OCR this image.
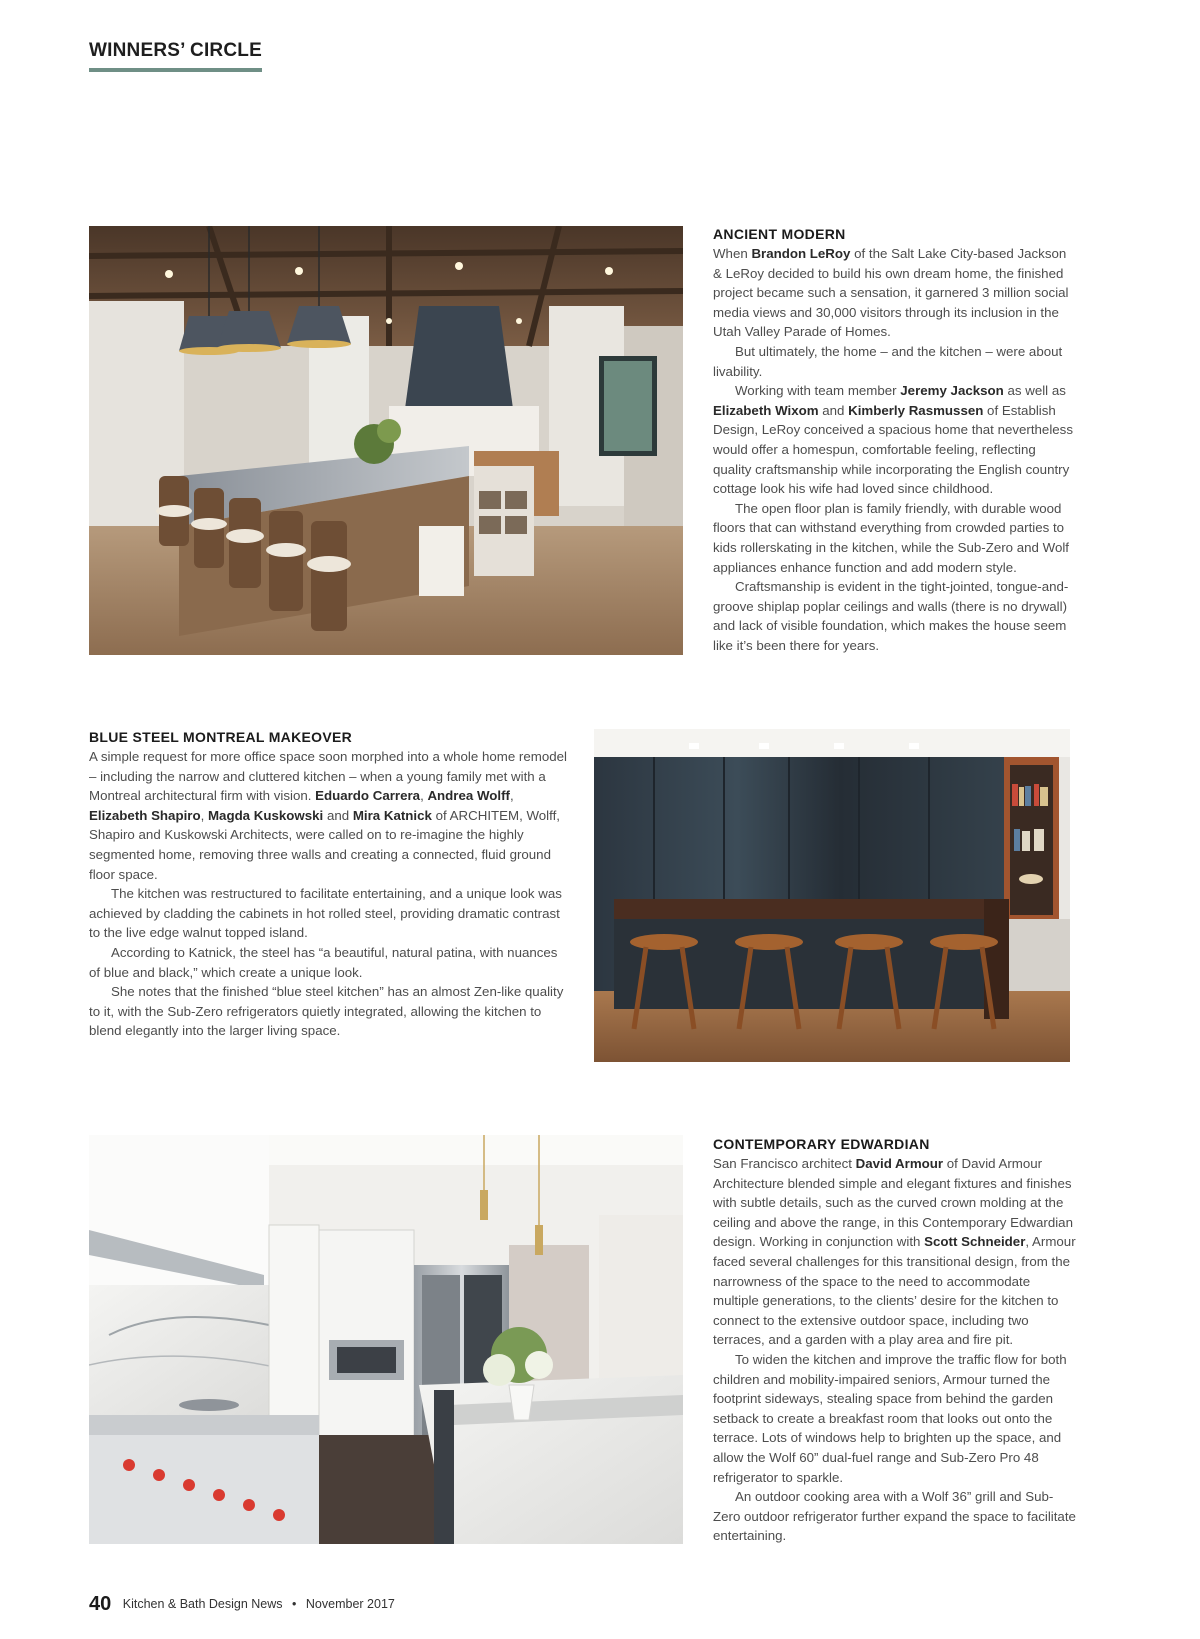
WINNERS’ CIRCLE
ANCIENT MODERN

When Brandon LeRoy of the Salt Lake City-based Jackson & LeRoy decided to build his own dream home, the finished project became such a sensation, it garnered 3 million social media views and 30,000 visitors through its inclusion in the Utah Valley Parade of Homes.

But ultimately, the home – and the kitchen – were about livability.

Working with team member Jeremy Jackson as well as Elizabeth Wixom and Kimberly Rasmussen of Establish Design, LeRoy conceived a spacious home that nevertheless would offer a homespun, comfortable feeling, reflecting quality craftsmanship while incorporating the English country cottage look his wife had loved since childhood.

The open floor plan is family friendly, with durable wood floors that can withstand everything from crowded parties to kids rollerskating in the kitchen, while the Sub-Zero and Wolf appliances enhance function and add modern style.

Craftsmanship is evident in the tight-jointed, tongue-and-groove shiplap poplar ceilings and walls (there is no drywall) and lack of visible foundation, which makes the house seem like it’s been there for years.

BLUE STEEL MONTREAL MAKEOVER

A simple request for more office space soon morphed into a whole home remodel – including the narrow and cluttered kitchen – when a young family met with a Montreal architectural firm with vision. Eduardo Carrera, Andrea Wolff, Elizabeth Shapiro, Magda Kuskowski and Mira Katnick of ARCHITEM, Wolff, Shapiro and Kuskowski Architects, were called on to re-imagine the highly segmented home, removing three walls and creating a connected, fluid ground floor space.

The kitchen was restructured to facilitate entertaining, and a unique look was achieved by cladding the cabinets in hot rolled steel, providing dramatic contrast to the live edge walnut topped island.

According to Katnick, the steel has “a beautiful, natural patina, with nuances of blue and black,” which create a unique look.

She notes that the finished “blue steel kitchen” has an almost Zen-like quality to it, with the Sub-Zero refrigerators quietly integrated, allowing the kitchen to blend elegantly into the larger living space.

CONTEMPORARY EDWARDIAN

San Francisco architect David Armour of David Armour Architecture blended simple and elegant fixtures and finishes with subtle details, such as the curved crown molding at the ceiling and above the range, in this Contemporary Edwardian design. Working in conjunction with Scott Schneider, Armour faced several challenges for this transitional design, from the narrowness of the space to the need to accommodate multiple generations, to the clients’ desire for the kitchen to connect to the extensive outdoor space, including two terraces, and a garden with a play area and fire pit.

To widen the kitchen and improve the traffic flow for both children and mobility-impaired seniors, Armour turned the footprint sideways, stealing space from behind the garden setback to create a breakfast room that looks out onto the terrace. Lots of windows help to brighten up the space, and allow the Wolf 60” dual-fuel range and Sub-Zero Pro 48 refrigerator to sparkle.

An outdoor cooking area with a Wolf 36” grill and Sub-Zero outdoor refrigerator further expand the space to facilitate entertaining.

40 Kitchen & Bath Design News • November 2017
